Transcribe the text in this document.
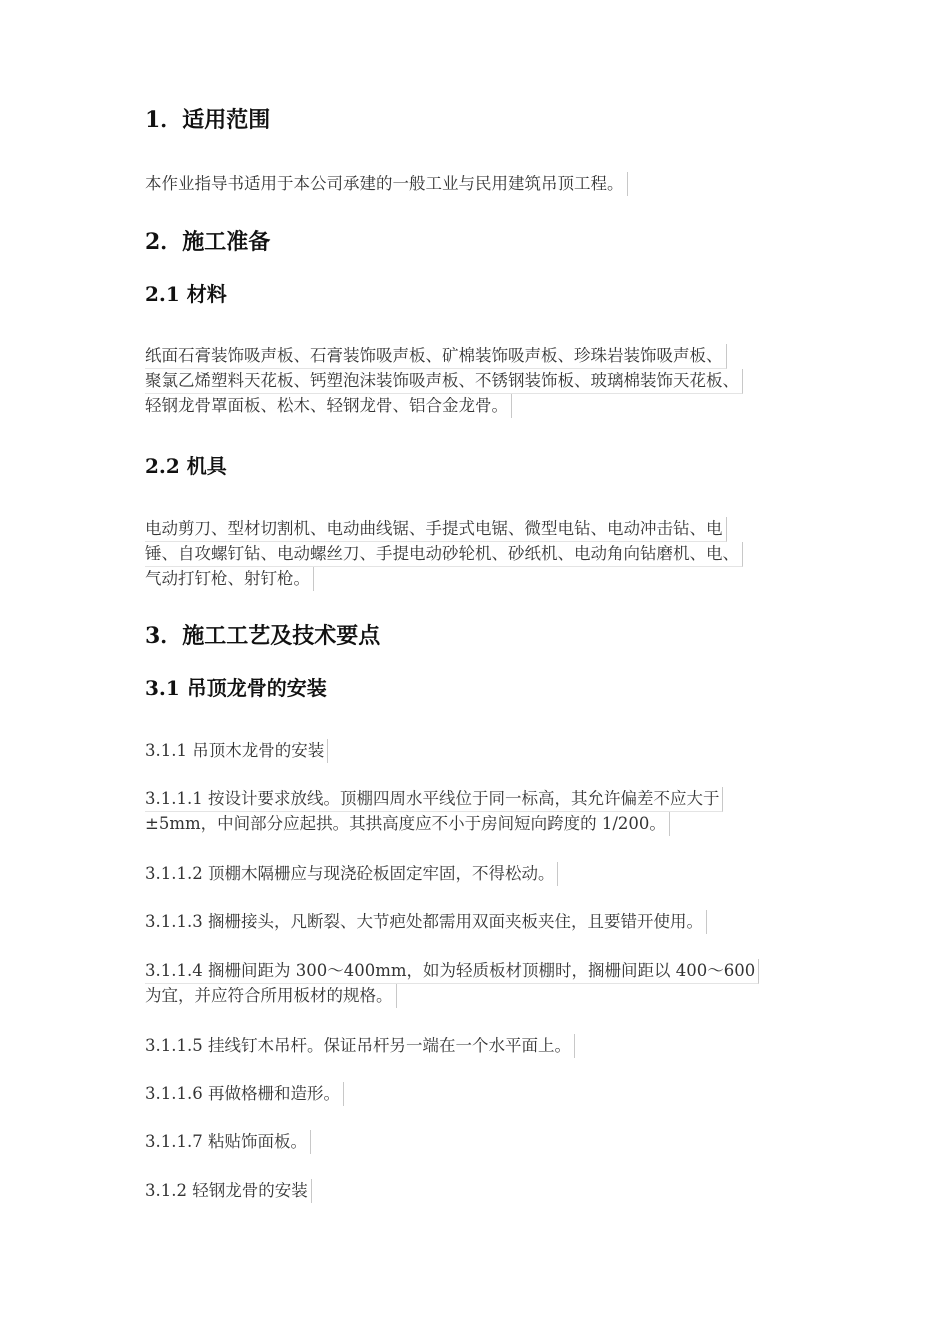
1．适用范围
本作业指导书适用于本公司承建的一般工业与民用建筑吊顶工程。
2．施工准备
2.1 材料
纸面石膏装饰吸声板、石膏装饰吸声板、矿棉装饰吸声板、珍珠岩装饰吸声板、
聚氯乙烯塑料天花板、钙塑泡沫装饰吸声板、不锈钢装饰板、玻璃棉装饰天花板、
轻钢龙骨罩面板、松木、轻钢龙骨、铝合金龙骨。
2.2 机具
电动剪刀、型材切割机、电动曲线锯、手提式电锯、微型电钻、电动冲击钻、电
锤、自攻螺钉钻、电动螺丝刀、手提电动砂轮机、砂纸机、电动角向钻磨机、电、
气动打钉枪、射钉枪。
3．施工工艺及技术要点
3.1 吊顶龙骨的安装
3.1.1 吊顶木龙骨的安装
3.1.1.1 按设计要求放线。顶棚四周水平线位于同一标高，其允许偏差不应大于
±5mm，中间部分应起拱。其拱高度应不小于房间短向跨度的 1/200。
3.1.1.2 顶棚木隔栅应与现浇砼板固定牢固，不得松动。
3.1.1.3 搁栅接头，凡断裂、大节疤处都需用双面夹板夹住，且要错开使用。
3.1.1.4 搁栅间距为 300～400mm，如为轻质板材顶棚时，搁栅间距以 400～600
为宜，并应符合所用板材的规格。
3.1.1.5 挂线钉木吊杆。保证吊杆另一端在一个水平面上。
3.1.1.6 再做格栅和造形。
3.1.1.7 粘贴饰面板。
3.1.2 轻钢龙骨的安装
